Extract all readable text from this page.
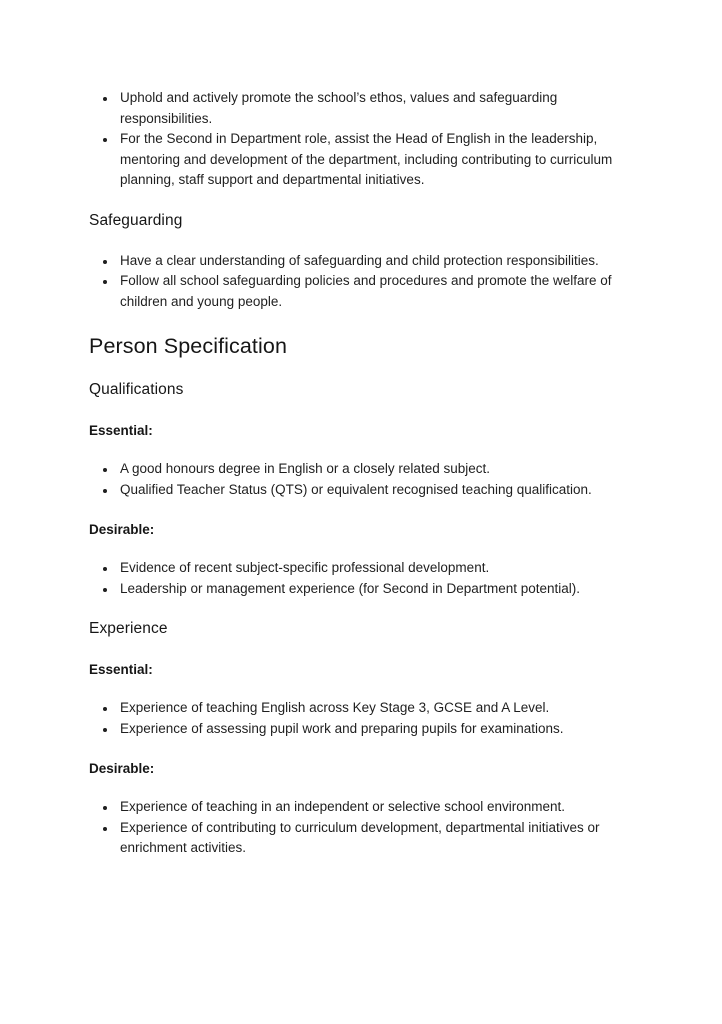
• Uphold and actively promote the school’s ethos, values and safeguarding responsibilities.
• For the Second in Department role, assist the Head of English in the leadership, mentoring and development of the department, including contributing to curriculum planning, staff support and departmental initiatives.
Safeguarding
• Have a clear understanding of safeguarding and child protection responsibilities.
• Follow all school safeguarding policies and procedures and promote the welfare of children and young people.
Person Specification
Qualifications

Essential:

• A good honours degree in English or a closely related subject.
• Qualified Teacher Status (QTS) or equivalent recognised teaching qualification.

Desirable:

• Evidence of recent subject-specific professional development.
• Leadership or management experience (for Second in Department potential).
Experience

Essential:

• Experience of teaching English across Key Stage 3, GCSE and A Level.
• Experience of assessing pupil work and preparing pupils for examinations.

Desirable:

• Experience of teaching in an independent or selective school environment.
• Experience of contributing to curriculum development, departmental initiatives or enrichment activities.
